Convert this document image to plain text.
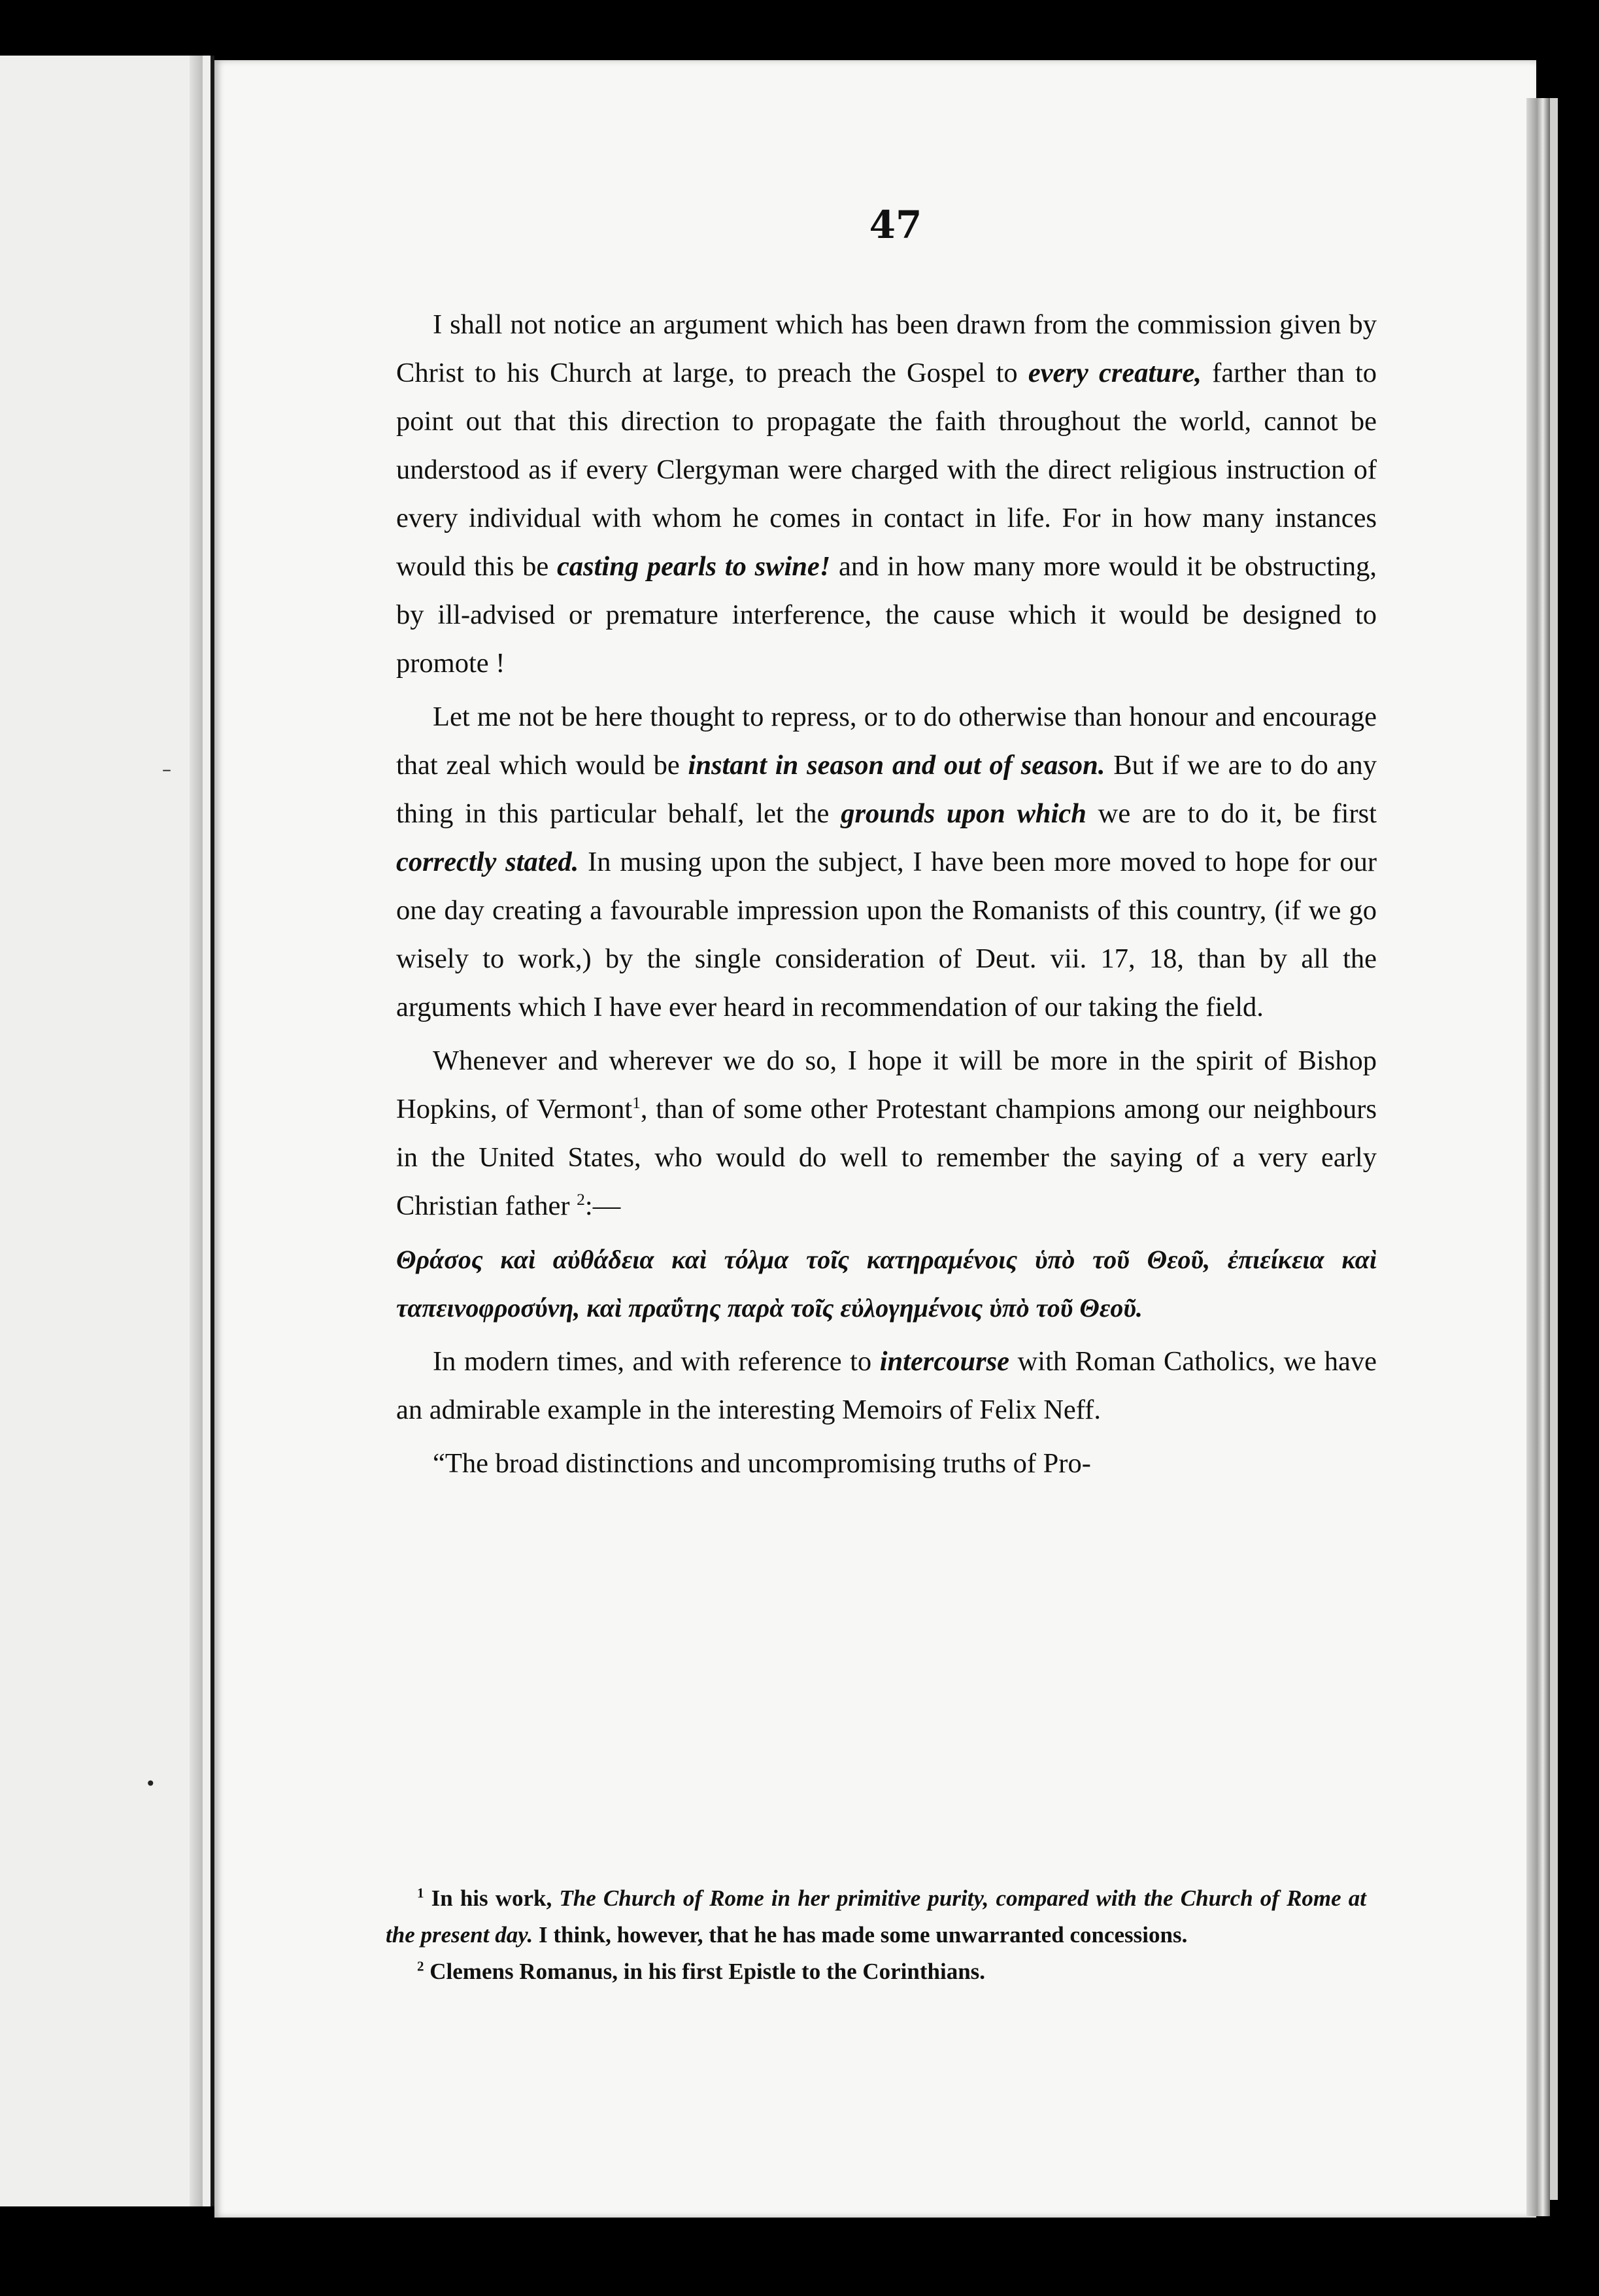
47

I shall not notice an argument which has been drawn from the commission given by Christ to his Church at large, to preach the Gospel to every creature, farther than to point out that this direction to propagate the faith throughout the world, cannot be understood as if every Clergyman were charged with the direct religious instruction of every individual with whom he comes in contact in life. For in how many instances would this be casting pearls to swine! and in how many more would it be obstructing, by ill-advised or premature interference, the cause which it would be designed to promote !

Let me not be here thought to repress, or to do otherwise than honour and encourage that zeal which would be instant in season and out of season. But if we are to do any thing in this particular behalf, let the grounds upon which we are to do it, be first correctly stated. In musing upon the subject, I have been more moved to hope for our one day creating a favourable impression upon the Romanists of this country, (if we go wisely to work,) by the single consideration of Deut. vii. 17, 18, than by all the arguments which I have ever heard in recommendation of our taking the field.

Whenever and wherever we do so, I hope it will be more in the spirit of Bishop Hopkins, of Vermont$^1$, than of some other Protestant champions among our neighbours in the United States, who would do well to remember the saying of a very early Christian father $^2$:—

Θράσος καὶ αὐθάδεια καὶ τόλμα τοῖς κατηραμένοις ὑπὸ τοῦ Θεοῦ, ἐπιείκεια καὶ ταπεινοφροσύνη, καὶ πραΰτης παρὰ τοῖς εὐλογημένοις ὑπὸ τοῦ Θεοῦ.

In modern times, and with reference to intercourse with Roman Catholics, we have an admirable example in the interesting Memoirs of Felix Neff.

“The broad distinctions and uncompromising truths of Pro-

$^1$ In his work, The Church of Rome in her primitive purity, compared with the Church of Rome at the present day. I think, however, that he has made some unwarranted concessions.

$^2$ Clemens Romanus, in his first Epistle to the Corinthians.

–
•
